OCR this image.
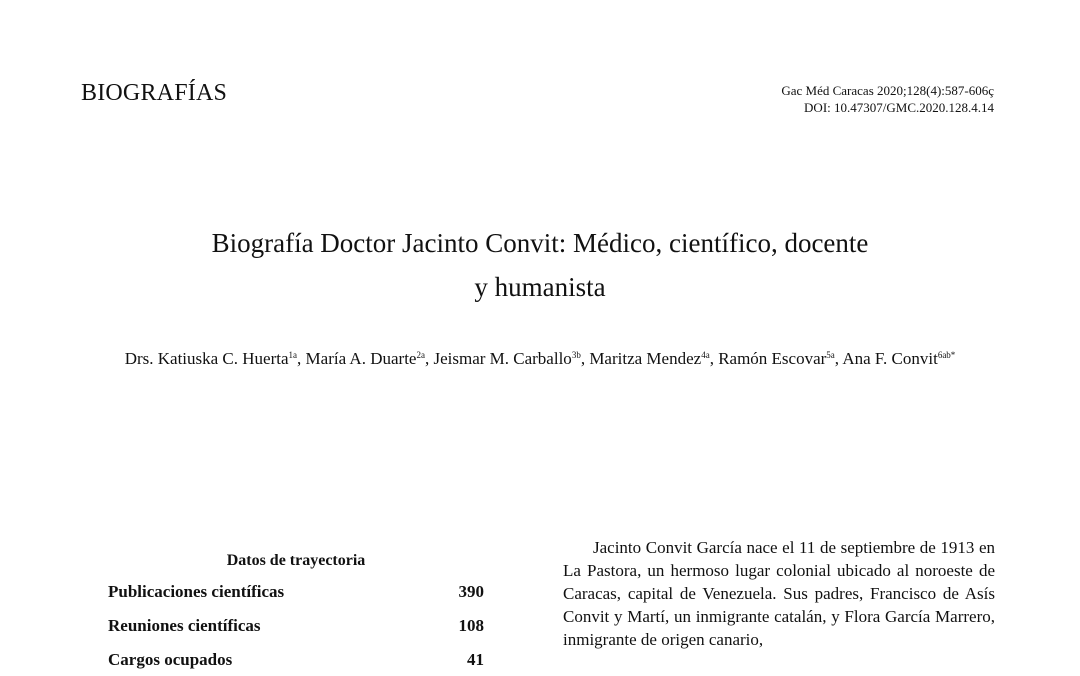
BIOGRAFÍAS	Gac Méd Caracas 2020;128(4):587-606ç
DOI: 10.47307/GMC.2020.128.4.14
Biografía Doctor Jacinto Convit: Médico, científico, docente
y humanista
Drs. Katiuska C. Huerta$^{1a}$, María A. Duarte$^{2a}$, Jeismar M. Carballo$^{3b}$, Maritza Mendez$^{4a}$, Ramón Escovar$^{5a}$, Ana F. Convit$^{6ab*}$
Datos de trayectoria
Publicaciones científicas	390
Reuniones científicas	108
Cargos ocupados	41

Jacinto Convit García nace el 11 de septiembre de 1913 en La Pastora, un hermoso lugar colonial ubicado al noroeste de Caracas, capital de Venezuela. Sus padres, Francisco de Asís Convit y Martí, un inmigrante catalán, y Flora García Marrero, inmigrante de origen canario,
